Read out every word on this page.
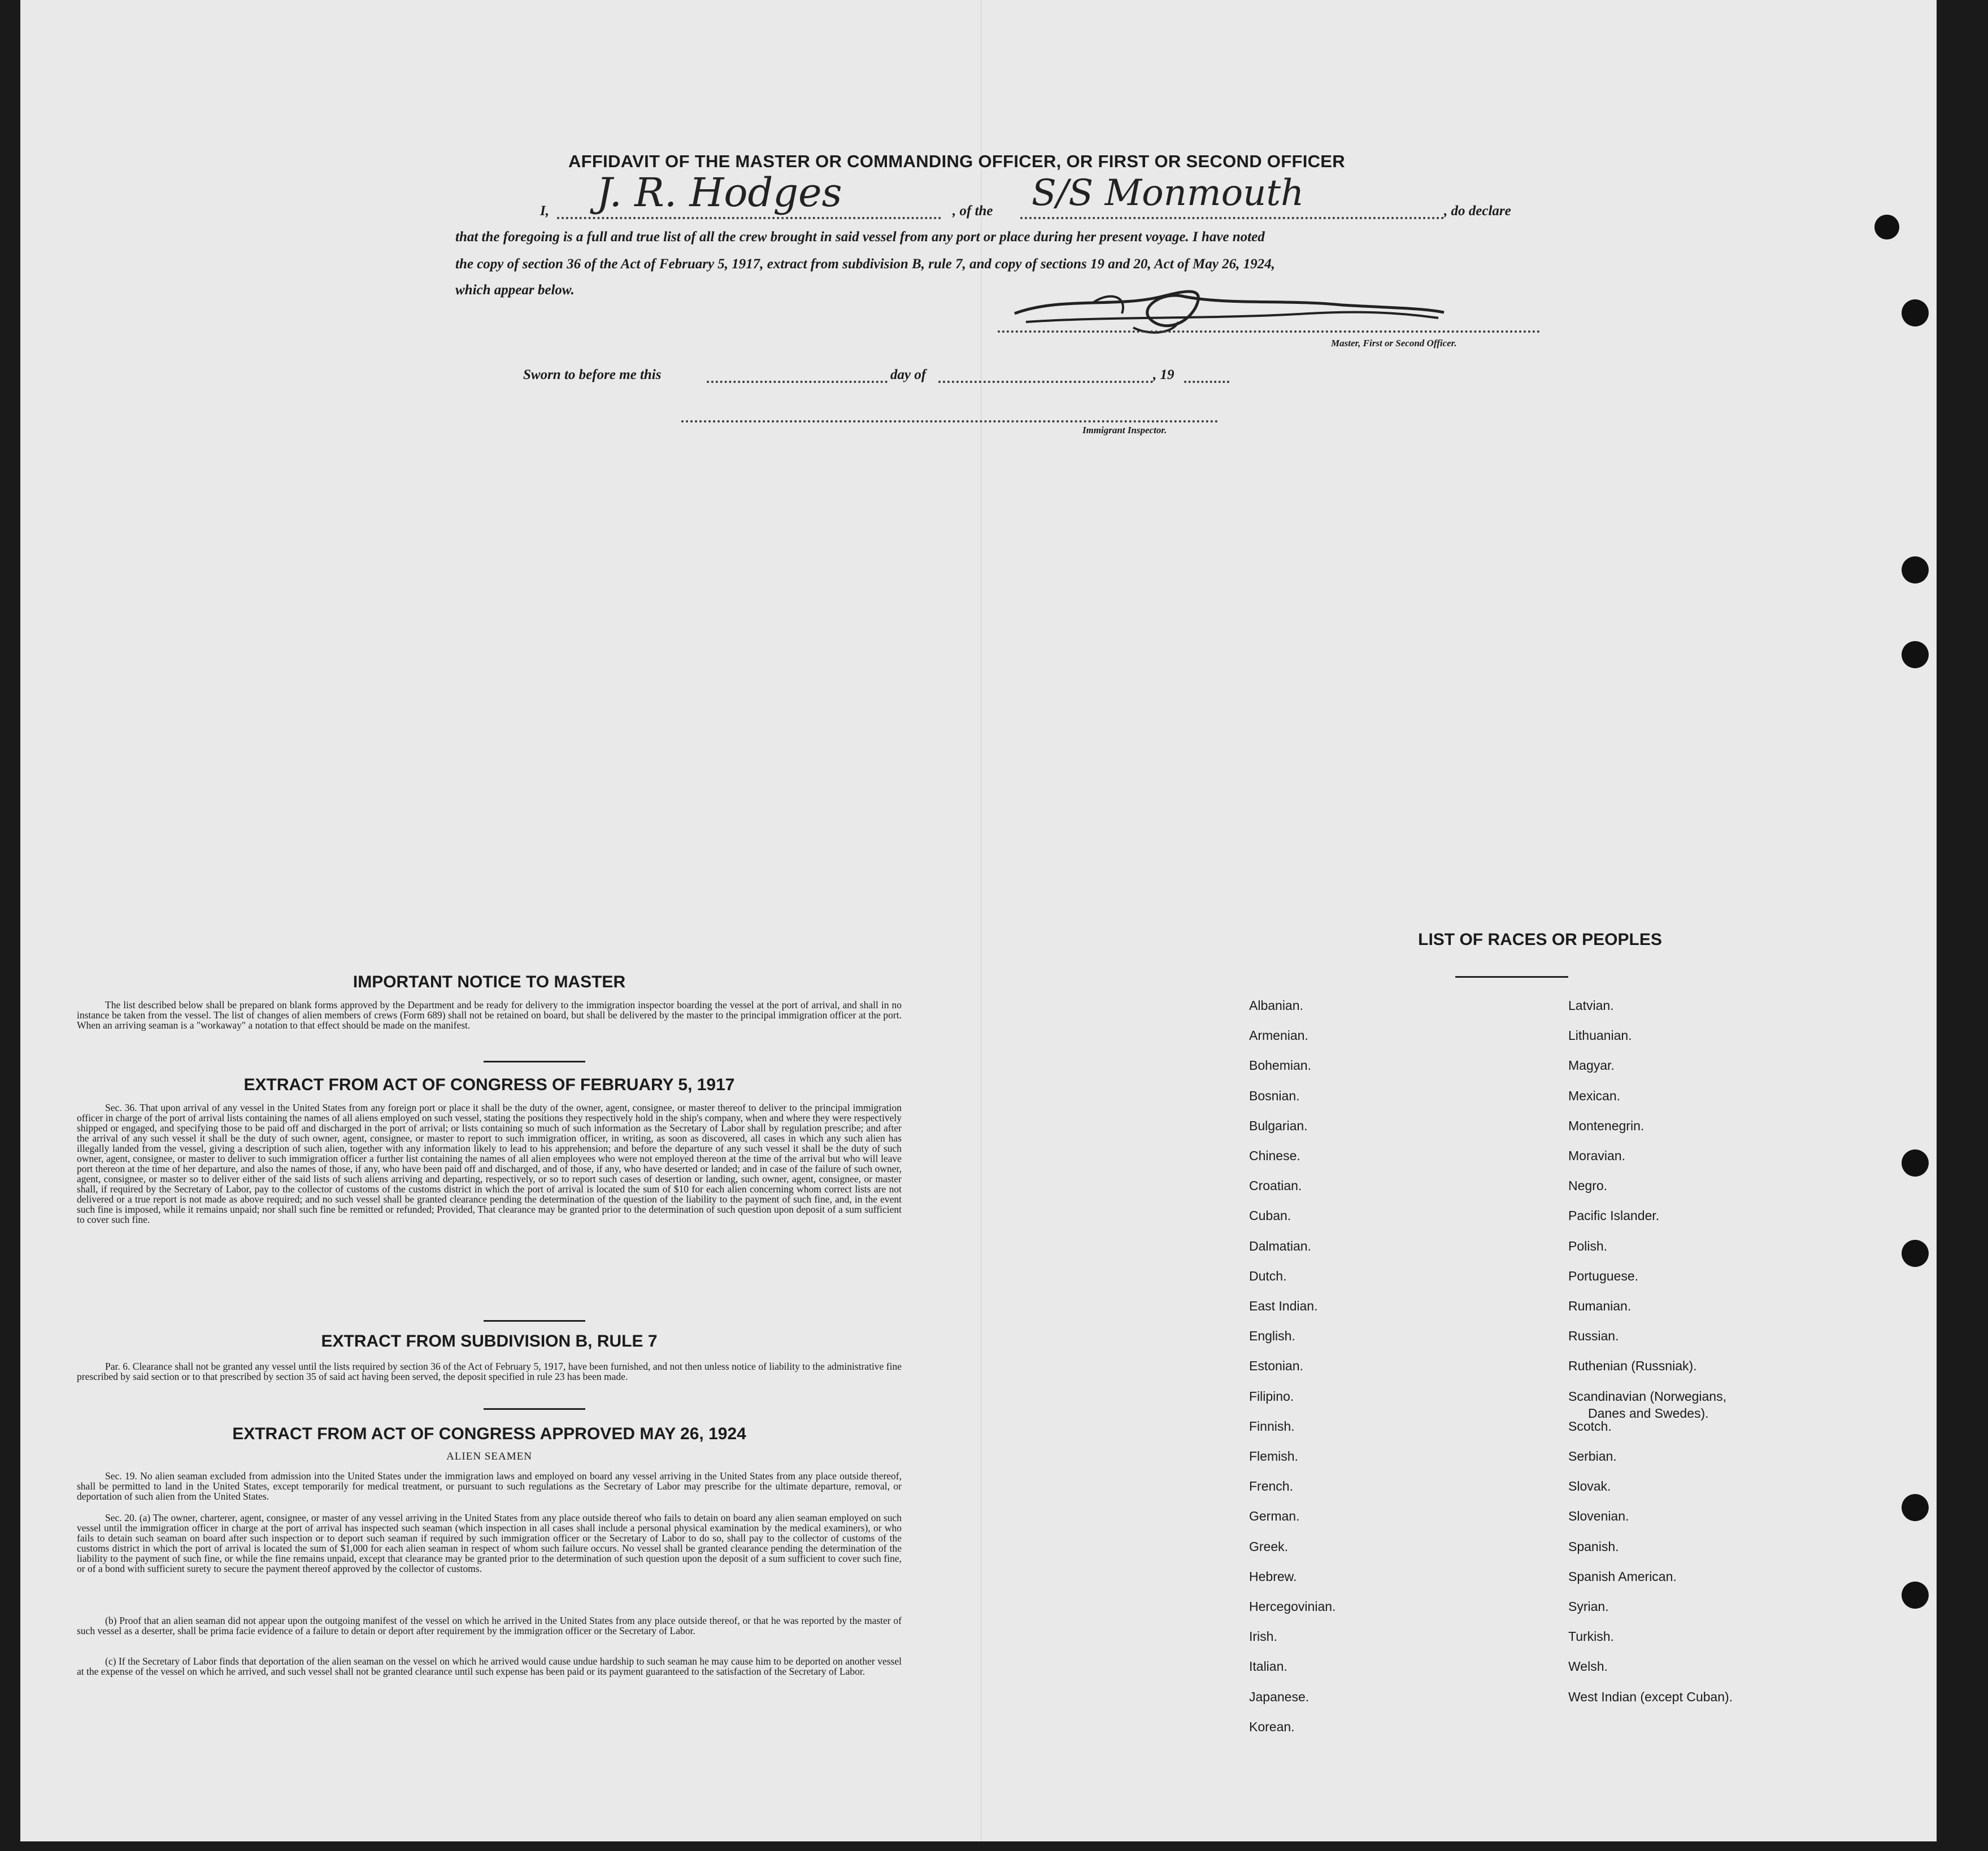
AFFIDAVIT OF THE MASTER OR COMMANDING OFFICER, OR FIRST OR SECOND OFFICER
I, J. R. Hodges	, of the S/S Monmouth	, do declare
that the foregoing is a full and true list of all the crew brought in said vessel from any port or place during her present voyage. I have noted
the copy of section 36 of the Act of February 5, 1917, extract from subdivision B, rule 7, and copy of sections 19 and 20, Act of May 26, 1924,
which appear below.
Master, First or Second Officer.
Sworn to before me this	day of	, 19
Immigrant Inspector.
IMPORTANT NOTICE TO MASTER
The list described below shall be prepared on blank forms approved by the Department and be ready for delivery to the immigration inspector boarding the vessel at the port of arrival, and shall in no instance be taken from the vessel. The list of changes of alien members of crews (Form 689) shall not be retained on board, but shall be delivered by the master to the principal immigration officer at the port. When an arriving seaman is a "workaway" a notation to that effect should be made on the manifest.
EXTRACT FROM ACT OF CONGRESS OF FEBRUARY 5, 1917
Sec. 36. That upon arrival of any vessel in the United States from any foreign port or place it shall be the duty of the owner, agent, consignee, or master thereof to deliver to the principal immigration officer in charge of the port of arrival lists containing the names of all aliens employed on such vessel, stating the positions they respectively hold in the ship's company, when and where they were respectively shipped or engaged, and specifying those to be paid off and discharged in the port of arrival; or lists containing so much of such information as the Secretary of Labor shall by regulation prescribe; and after the arrival of any such vessel it shall be the duty of such owner, agent, consignee, or master to report to such immigration officer, in writing, as soon as discovered, all cases in which any such alien has illegally landed from the vessel, giving a description of such alien, together with any information likely to lead to his apprehension; and before the departure of any such vessel it shall be the duty of such owner, agent, consignee, or master to deliver to such immigration officer a further list containing the names of all alien employees who were not employed thereon at the time of the arrival but who will leave port thereon at the time of her departure, and also the names of those, if any, who have been paid off and discharged, and of those, if any, who have deserted or landed; and in case of the failure of such owner, agent, consignee, or master so to deliver either of the said lists of such aliens arriving and departing, respectively, or so to report such cases of desertion or landing, such owner, agent, consignee, or master shall, if required by the Secretary of Labor, pay to the collector of customs of the customs district in which the port of arrival is located the sum of $10 for each alien concerning whom correct lists are not delivered or a true report is not made as above required; and no such vessel shall be granted clearance pending the determination of the question of the liability to the payment of such fine, and, in the event such fine is imposed, while it remains unpaid; nor shall such fine be remitted or refunded; Provided, That clearance may be granted prior to the determination of such question upon deposit of a sum sufficient to cover such fine.
EXTRACT FROM SUBDIVISION B, RULE 7
Par. 6. Clearance shall not be granted any vessel until the lists required by section 36 of the Act of February 5, 1917, have been furnished, and not then unless notice of liability to the administrative fine prescribed by said section or to that prescribed by section 35 of said act having been served, the deposit specified in rule 23 has been made.
EXTRACT FROM ACT OF CONGRESS APPROVED MAY 26, 1924
ALIEN SEAMEN
Sec. 19. No alien seaman excluded from admission into the United States under the immigration laws and employed on board any vessel arriving in the United States from any place outside thereof, shall be permitted to land in the United States, except temporarily for medical treatment, or pursuant to such regulations as the Secretary of Labor may prescribe for the ultimate departure, removal, or deportation of such alien from the United States.
Sec. 20. (a) The owner, charterer, agent, consignee, or master of any vessel arriving in the United States from any place outside thereof who fails to detain on board any alien seaman employed on such vessel until the immigration officer in charge at the port of arrival has inspected such seaman (which inspection in all cases shall include a personal physical examination by the medical examiners), or who fails to detain such seaman on board after such inspection or to deport such seaman if required by such immigration officer or the Secretary of Labor to do so, shall pay to the collector of customs of the customs district in which the port of arrival is located the sum of $1,000 for each alien seaman in respect of whom such failure occurs. No vessel shall be granted clearance pending the determination of the liability to the payment of such fine, or while the fine remains unpaid, except that clearance may be granted prior to the determination of such question upon the deposit of a sum sufficient to cover such fine, or of a bond with sufficient surety to secure the payment thereof approved by the collector of customs.
(b) Proof that an alien seaman did not appear upon the outgoing manifest of the vessel on which he arrived in the United States from any place outside thereof, or that he was reported by the master of such vessel as a deserter, shall be prima facie evidence of a failure to detain or deport after requirement by the immigration officer or the Secretary of Labor.
(c) If the Secretary of Labor finds that deportation of the alien seaman on the vessel on which he arrived would cause undue hardship to such seaman he may cause him to be deported on another vessel at the expense of the vessel on which he arrived, and such vessel shall not be granted clearance until such expense has been paid or its payment guaranteed to the satisfaction of the Secretary of Labor.
LIST OF RACES OR PEOPLES
Albanian.
Armenian.
Bohemian.
Bosnian.
Bulgarian.
Chinese.
Croatian.
Cuban.
Dalmatian.
Dutch.
East Indian.
English.
Estonian.
Filipino.
Finnish.
Flemish.
French.
German.
Greek.
Hebrew.
Hercegovinian.
Irish.
Italian.
Japanese.
Korean.
Latvian.
Lithuanian.
Magyar.
Mexican.
Montenegrin.
Moravian.
Negro.
Pacific Islander.
Polish.
Portuguese.
Rumanian.
Russian.
Ruthenian (Russniak).
Scandinavian (Norwegians,
Danes and Swedes).
Scotch.
Serbian.
Slovak.
Slovenian.
Spanish.
Spanish American.
Syrian.
Turkish.
Welsh.
West Indian (except Cuban).
